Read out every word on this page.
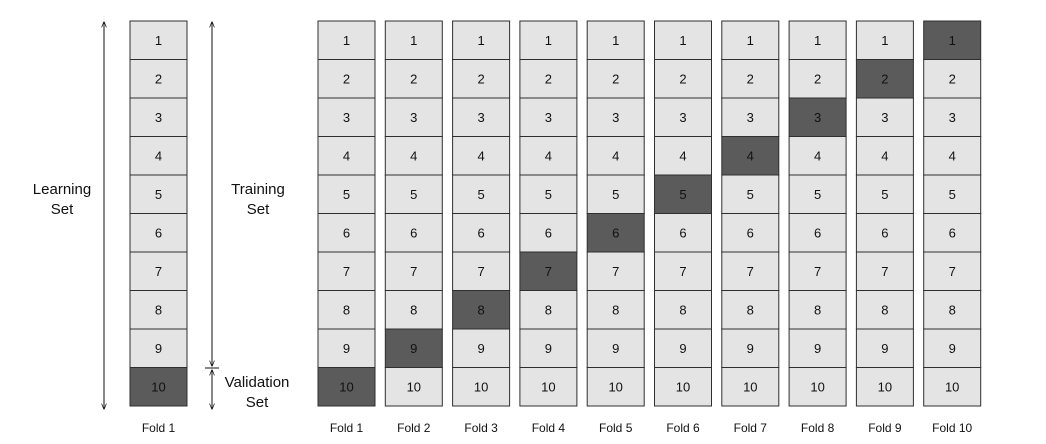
Learning
Set
Training
Set
Validation
Set
1
2
3
4
5
6
7
8
9
10
Fold 1
1
2
3
4
5
6
7
8
9
10
Fold 1
1
2
3
4
5
6
7
8
9
10
Fold 2
1
2
3
4
5
6
7
8
9
10
Fold 3
1
2
3
4
5
6
7
8
9
10
Fold 4
1
2
3
4
5
6
7
8
9
10
Fold 5
1
2
3
4
5
6
7
8
9
10
Fold 6
1
2
3
4
5
6
7
8
9
10
Fold 7
1
2
3
4
5
6
7
8
9
10
Fold 8
1
2
3
4
5
6
7
8
9
10
Fold 9
1
2
3
4
5
6
7
8
9
10
Fold 10
